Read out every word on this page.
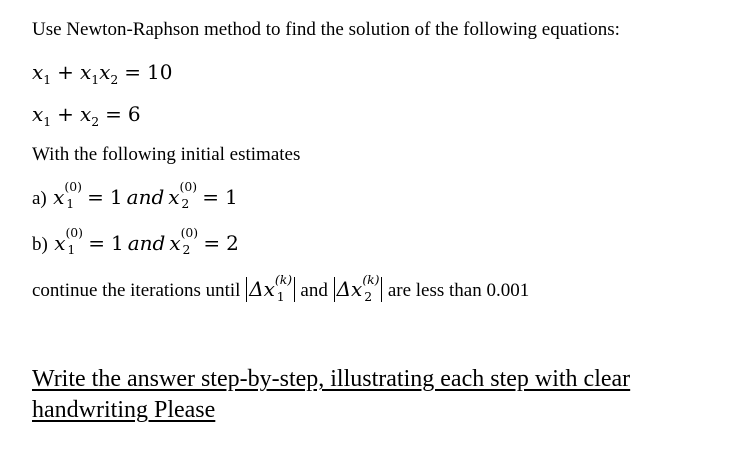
Use Newton-Raphson method to find the solution of the following equations:
$x_1 + x_1x_2 = 10$
$x_1 + x_2 = 6$
With the following initial estimates
a) x (0)
1 = 1 and x (0)
2 = 1
b) x (0)
1 = 1 and x (0)
2 = 2
continue the iterations until Δx (k)
1 and Δx (k)
2 are less than 0.001
Write the answer step-by-step, illustrating each step with clear
handwriting Please
